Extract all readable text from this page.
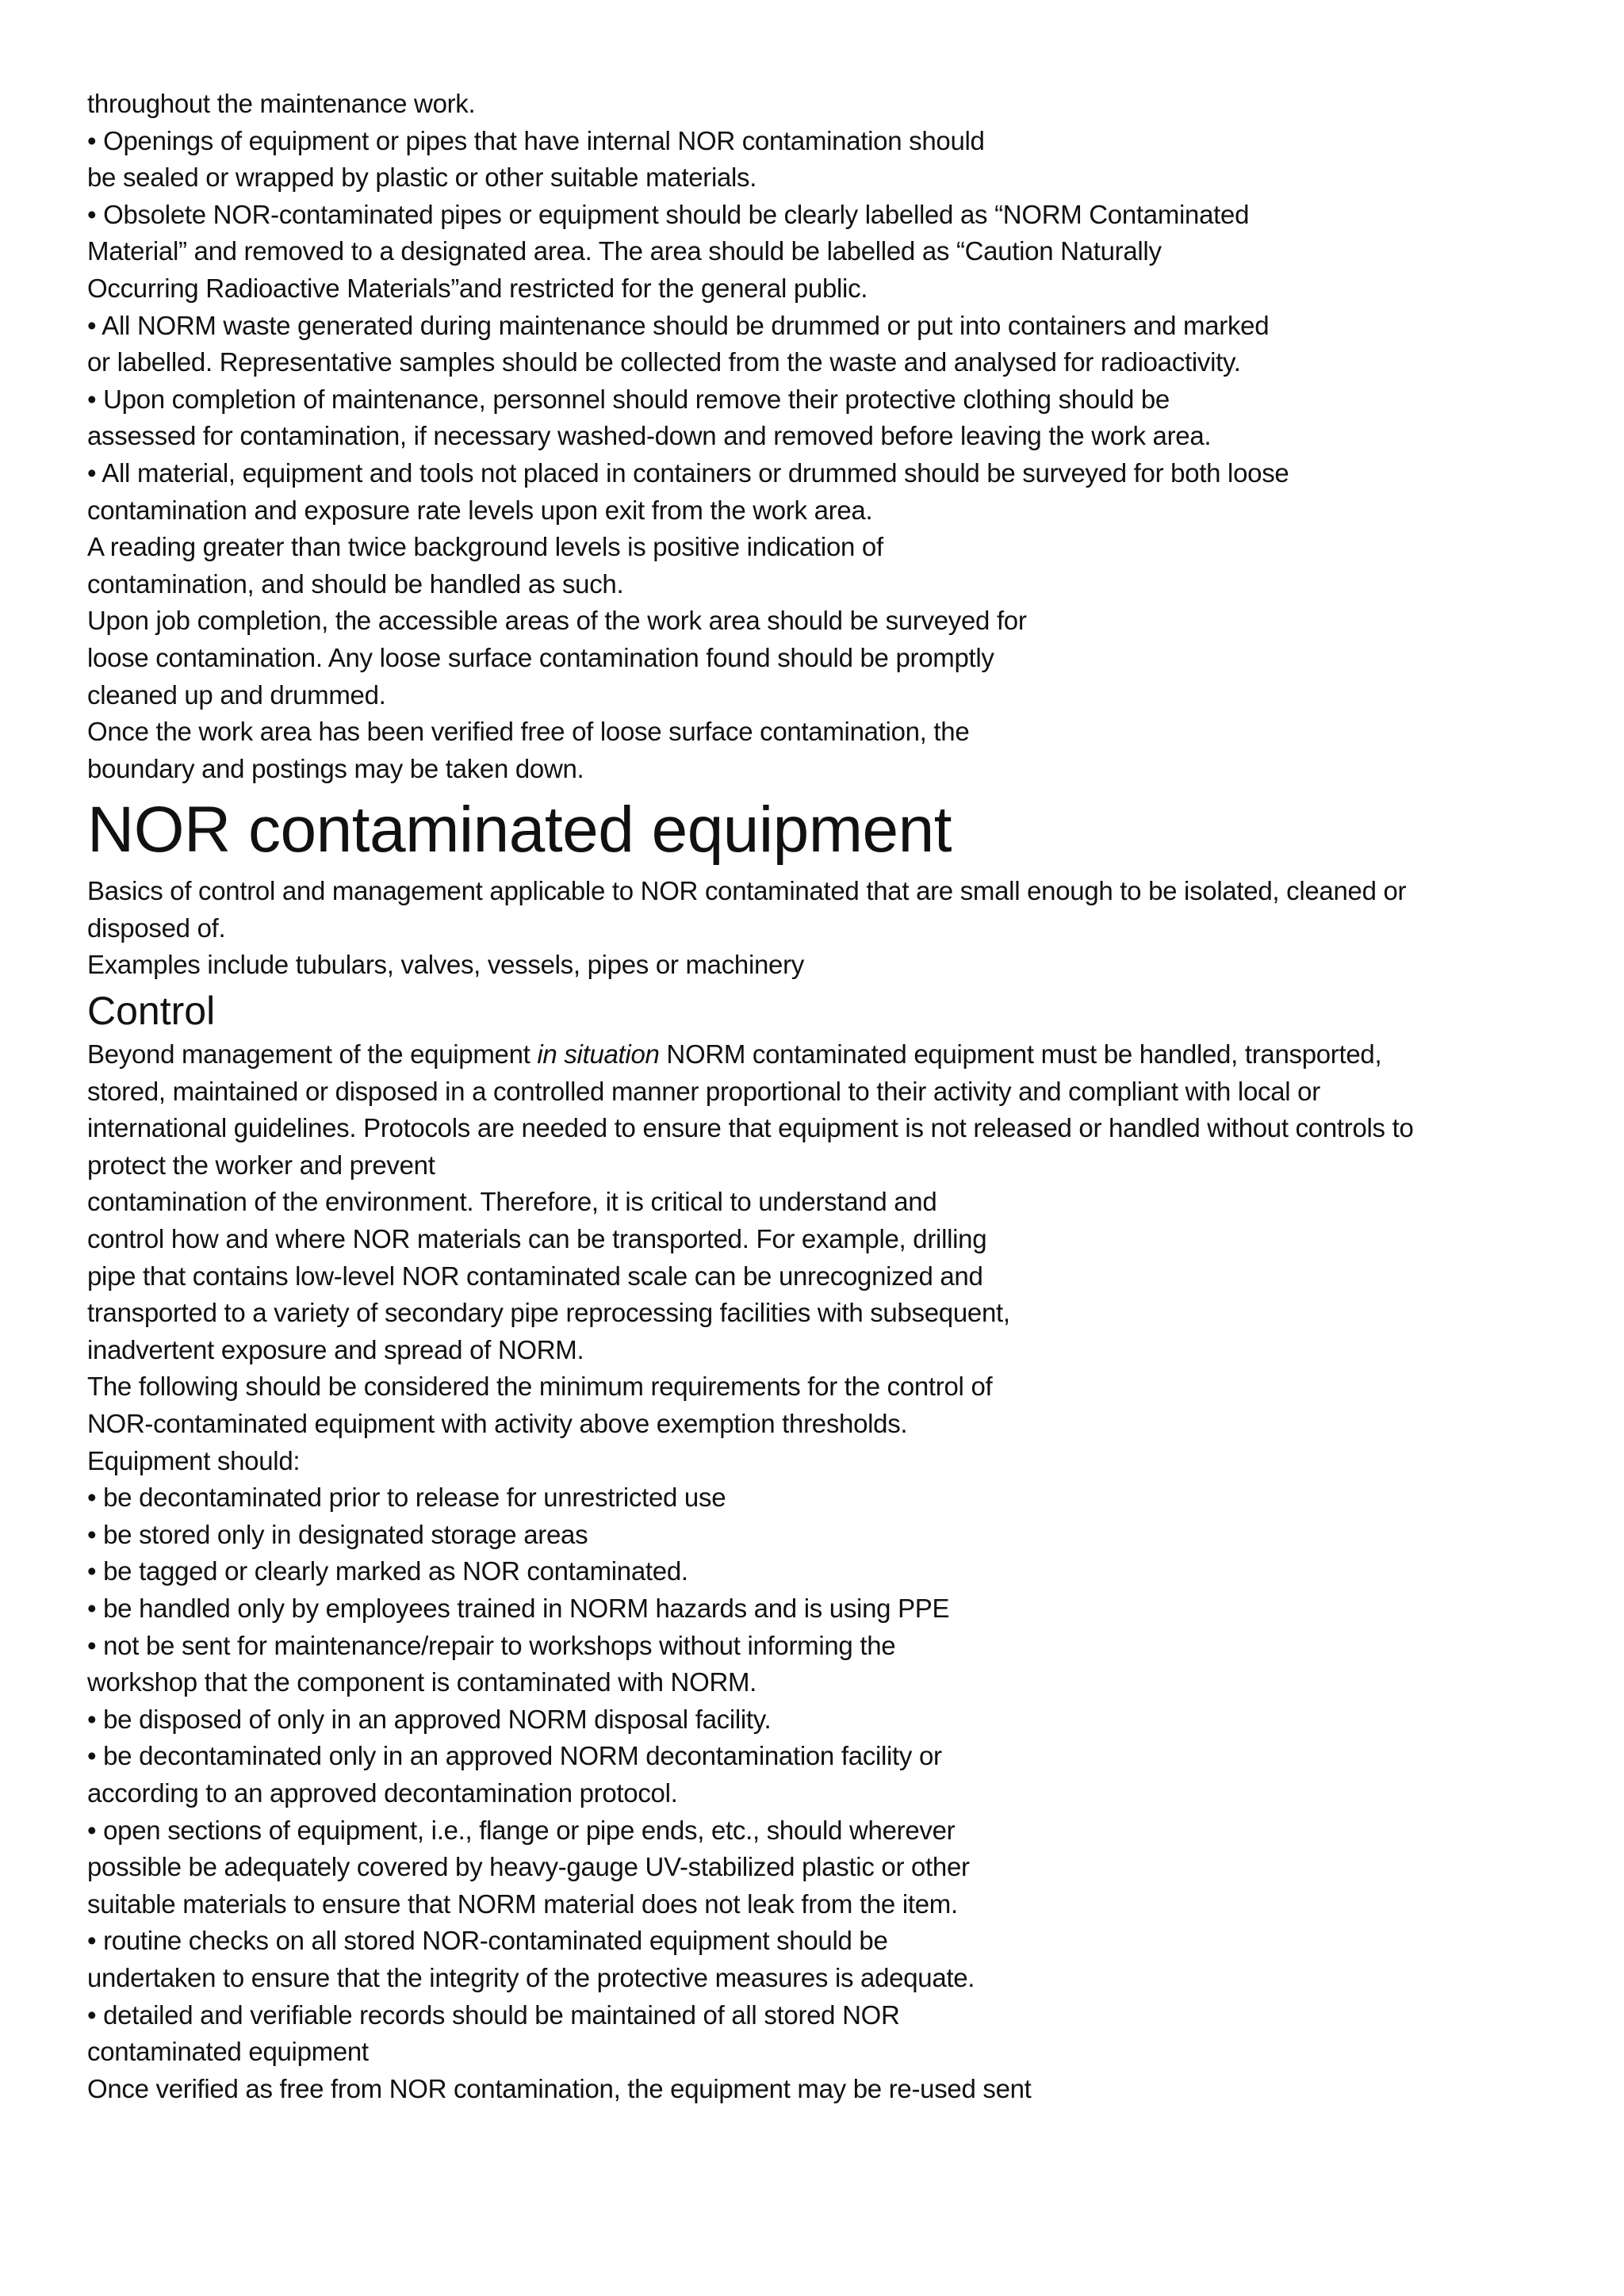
throughout the maintenance work.
• Openings of equipment or pipes that have internal NOR contamination should
be sealed or wrapped by plastic or other suitable materials.
• Obsolete NOR-contaminated pipes or equipment should be clearly labelled as “NORM Contaminated
Material” and removed to a designated area. The area should be labelled as “Caution Naturally
Occurring Radioactive Materials”and restricted for the general public.
• All NORM waste generated during maintenance should be drummed or put into containers and marked
or labelled. Representative samples should be collected from the waste and analysed for radioactivity.
• Upon completion of maintenance, personnel should remove their protective clothing should be
assessed for contamination, if necessary washed-down and removed before leaving the work area.
• All material, equipment and tools not placed in containers or drummed should be surveyed for both loose
contamination and exposure rate levels upon exit from the work area.
A reading greater than twice background levels is positive indication of
contamination, and should be handled as such.
Upon job completion, the accessible areas of the work area should be surveyed for
loose contamination. Any loose surface contamination found should be promptly
cleaned up and drummed.
Once the work area has been verified free of loose surface contamination, the
boundary and postings may be taken down.
NOR contaminated equipment
Basics of control and management applicable to NOR contaminated that are small enough to be isolated, cleaned or
disposed of.
Examples include tubulars, valves, vessels, pipes or machinery
Control
Beyond management of the equipment in situation NORM contaminated equipment must be handled, transported,
stored, maintained or disposed in a controlled manner proportional to their activity and compliant with local or
international guidelines. Protocols are needed to ensure that equipment is not released or handled without controls to
protect the worker and prevent
contamination of the environment. Therefore, it is critical to understand and
control how and where NOR materials can be transported. For example, drilling
pipe that contains low-level NOR contaminated scale can be unrecognized and
transported to a variety of secondary pipe reprocessing facilities with subsequent,
inadvertent exposure and spread of NORM.
The following should be considered the minimum requirements for the control of
NOR-contaminated equipment with activity above exemption thresholds.
Equipment should:
• be decontaminated prior to release for unrestricted use
• be stored only in designated storage areas
• be tagged or clearly marked as NOR contaminated.
• be handled only by employees trained in NORM hazards and is using PPE
• not be sent for maintenance/repair to workshops without informing the
workshop that the component is contaminated with NORM.
• be disposed of only in an approved NORM disposal facility.
• be decontaminated only in an approved NORM decontamination facility or
according to an approved decontamination protocol.
• open sections of equipment, i.e., flange or pipe ends, etc., should wherever
possible be adequately covered by heavy-gauge UV-stabilized plastic or other
suitable materials to ensure that NORM material does not leak from the item.
• routine checks on all stored NOR-contaminated equipment should be
undertaken to ensure that the integrity of the protective measures is adequate.
• detailed and verifiable records should be maintained of all stored NOR
contaminated equipment
Once verified as free from NOR contamination, the equipment may be re-used sent
